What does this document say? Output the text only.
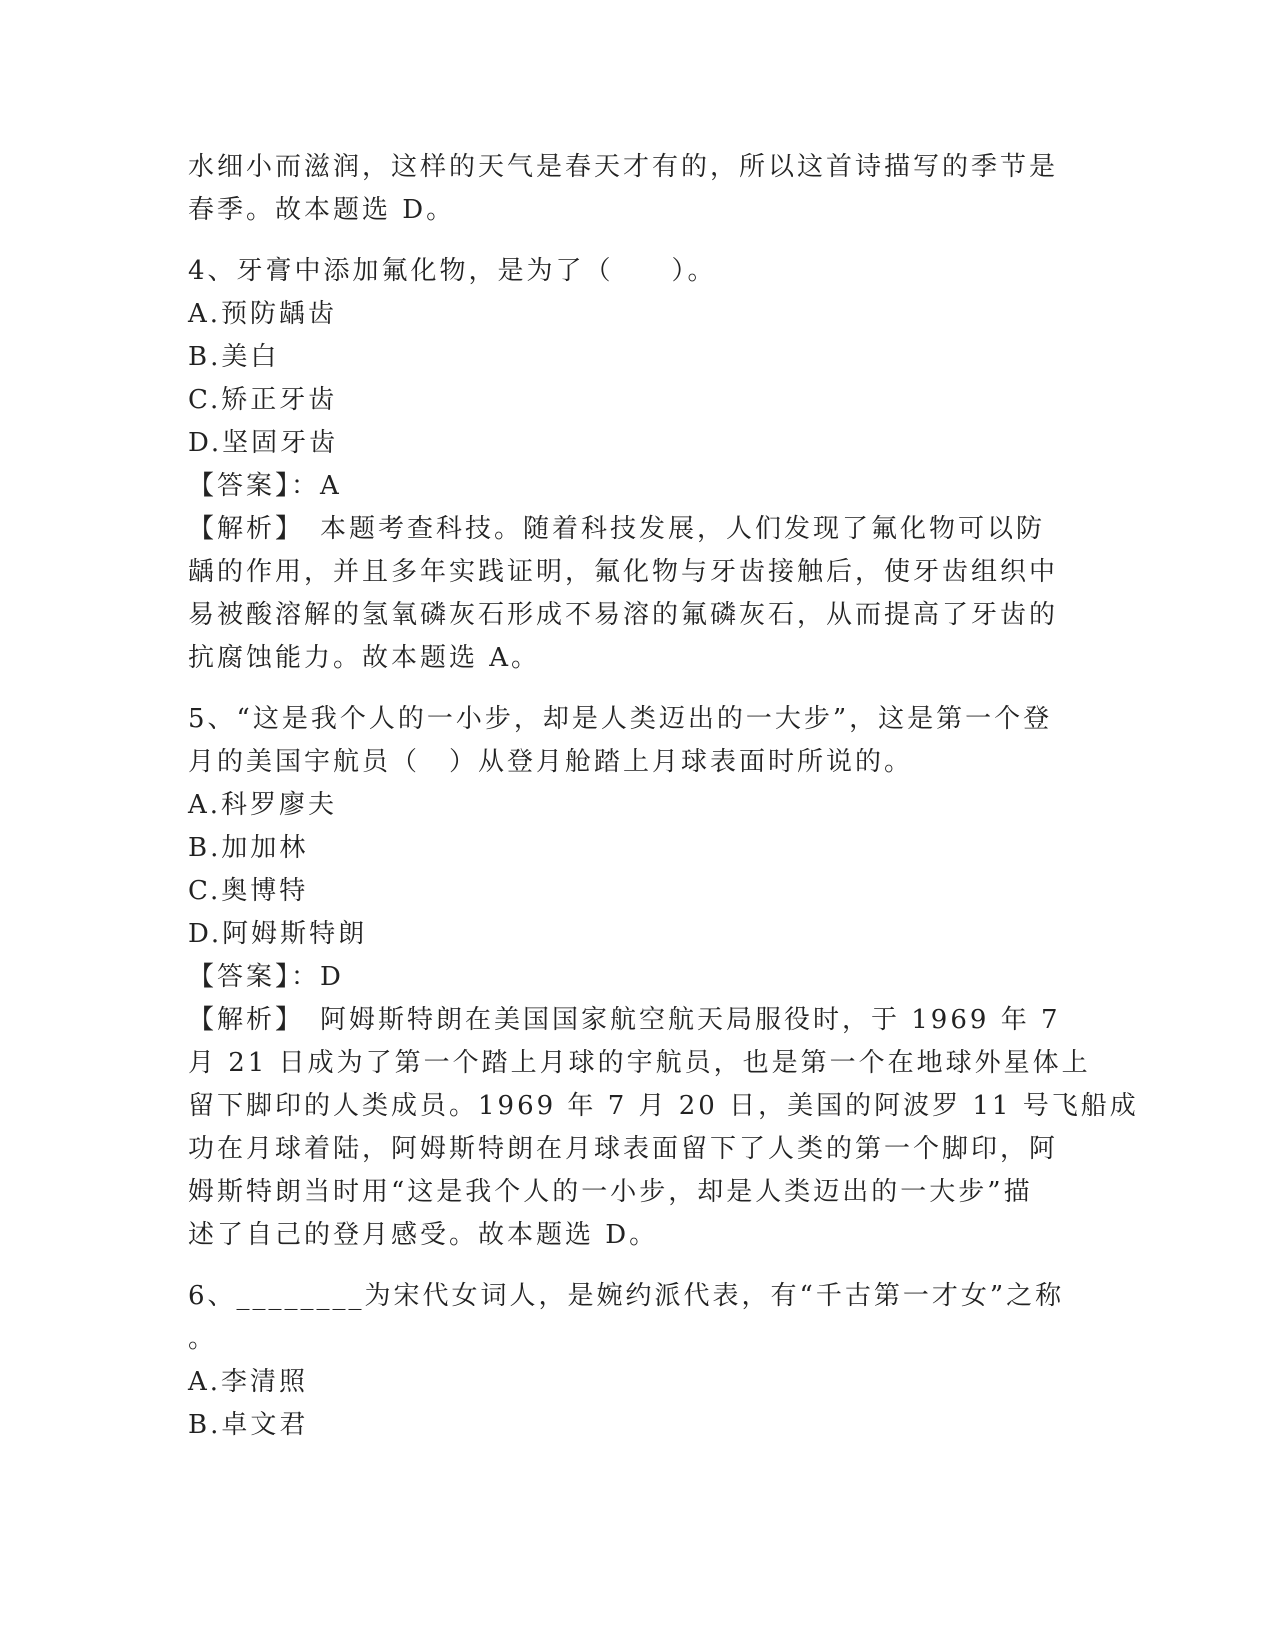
水细小而滋润，这样的天气是春天才有的，所以这首诗描写的季节是
春季。故本题选 D。
4、牙膏中添加氟化物，是为了（　　）。
A.预防龋齿
B.美白
C.矫正牙齿
D.坚固牙齿
【答案】：A
【解析】　本题考查科技。随着科技发展，人们发现了氟化物可以防
龋的作用，并且多年实践证明，氟化物与牙齿接触后，使牙齿组织中
易被酸溶解的氢氧磷灰石形成不易溶的氟磷灰石，从而提高了牙齿的
抗腐蚀能力。故本题选 A。
5、“这是我个人的一小步，却是人类迈出的一大步”，这是第一个登
月的美国宇航员（　）从登月舱踏上月球表面时所说的。
A.科罗廖夫
B.加加林
C.奥博特
D.阿姆斯特朗
【答案】：D
【解析】　阿姆斯特朗在美国国家航空航天局服役时，于 1969 年 7
月 21 日成为了第一个踏上月球的宇航员，也是第一个在地球外星体上
留下脚印的人类成员。1969 年 7 月 20 日，美国的阿波罗 11 号飞船成
功在月球着陆，阿姆斯特朗在月球表面留下了人类的第一个脚印，阿
姆斯特朗当时用“这是我个人的一小步，却是人类迈出的一大步”描
述了自己的登月感受。故本题选 D。
6、________为宋代女词人，是婉约派代表，有“千古第一才女”之称
。
A.李清照
B.卓文君
